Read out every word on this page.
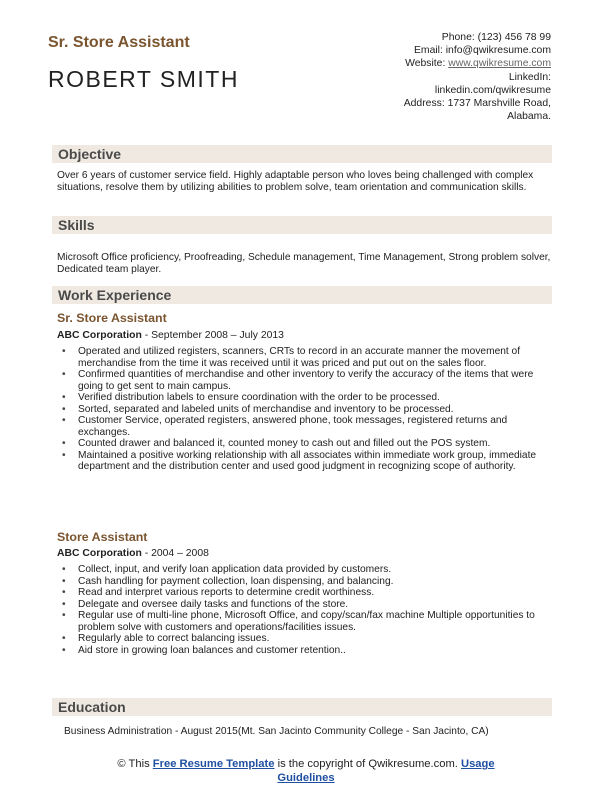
Sr. Store Assistant
ROBERT SMITH
Phone: (123) 456 78 99
Email: info@qwikresume.com
Website: www.qwikresume.com
LinkedIn:
linkedin.com/qwikresume
Address: 1737 Marshville Road,
Alabama.
Objective
Over 6 years of customer service field. Highly adaptable person who loves being challenged with complex situations, resolve them by utilizing abilities to problem solve, team orientation and communication skills.
Skills
Microsoft Office proficiency, Proofreading, Schedule management, Time Management, Strong problem solver, Dedicated team player.
Work Experience
Sr. Store Assistant
ABC Corporation - September 2008 – July 2013
• Operated and utilized registers, scanners, CRTs to record in an accurate manner the movement of merchandise from the time it was received until it was priced and put out on the sales floor.
• Confirmed quantities of merchandise and other inventory to verify the accuracy of the items that were going to get sent to main campus.
• Verified distribution labels to ensure coordination with the order to be processed.
• Sorted, separated and labeled units of merchandise and inventory to be processed.
• Customer Service, operated registers, answered phone, took messages, registered returns and exchanges.
• Counted drawer and balanced it, counted money to cash out and filled out the POS system.
• Maintained a positive working relationship with all associates within immediate work group, immediate department and the distribution center and used good judgment in recognizing scope of authority.
Store Assistant
ABC Corporation - 2004 – 2008
• Collect, input, and verify loan application data provided by customers.
• Cash handling for payment collection, loan dispensing, and balancing.
• Read and interpret various reports to determine credit worthiness.
• Delegate and oversee daily tasks and functions of the store.
• Regular use of multi-line phone, Microsoft Office, and copy/scan/fax machine Multiple opportunities to problem solve with customers and operations/facilities issues.
• Regularly able to correct balancing issues.
• Aid store in growing loan balances and customer retention..
Education
Business Administration - August 2015(Mt. San Jacinto Community College - San Jacinto, CA)
© This Free Resume Template is the copyright of Qwikresume.com. Usage
Guidelines
